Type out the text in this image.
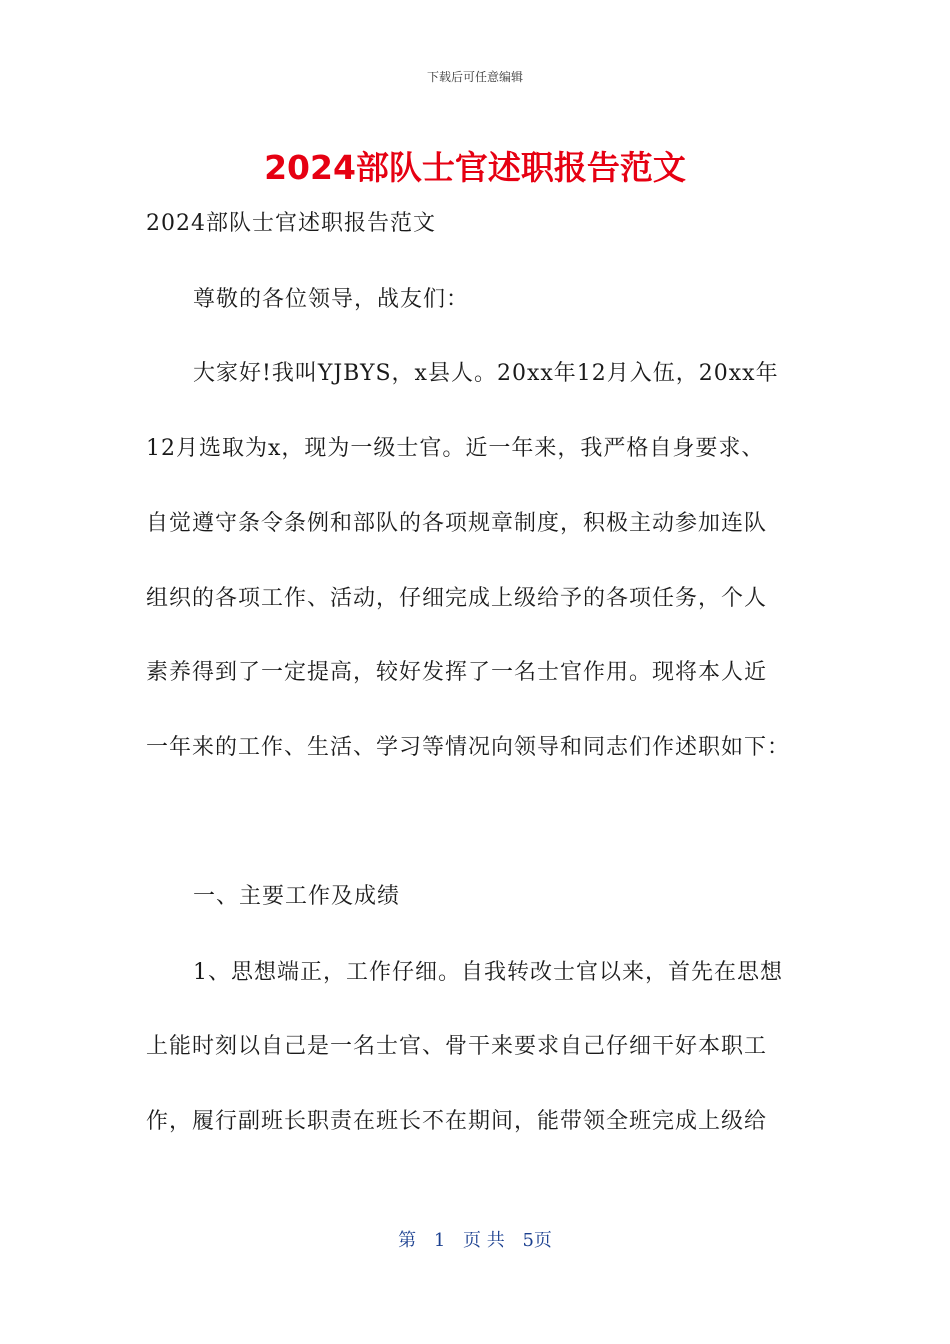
下载后可任意编辑
2024部队士官述职报告范文
2024部队士官述职报告范文
尊敬的各位领导，战友们：
大家好!我叫YJBYS，x县人。20xx年12月入伍，20xx年
12月选取为x，现为一级士官。近一年来，我严格自身要求、
自觉遵守条令条例和部队的各项规章制度，积极主动参加连队
组织的各项工作、活动，仔细完成上级给予的各项任务，个人
素养得到了一定提高，较好发挥了一名士官作用。现将本人近
一年来的工作、生活、学习等情况向领导和同志们作述职如下：
一、主要工作及成绩
1、思想端正，工作仔细。自我转改士官以来，首先在思想
上能时刻以自己是一名士官、骨干来要求自己仔细干好本职工
作，履行副班长职责在班长不在期间，能带领全班完成上级给
第 1 页 共 5页
